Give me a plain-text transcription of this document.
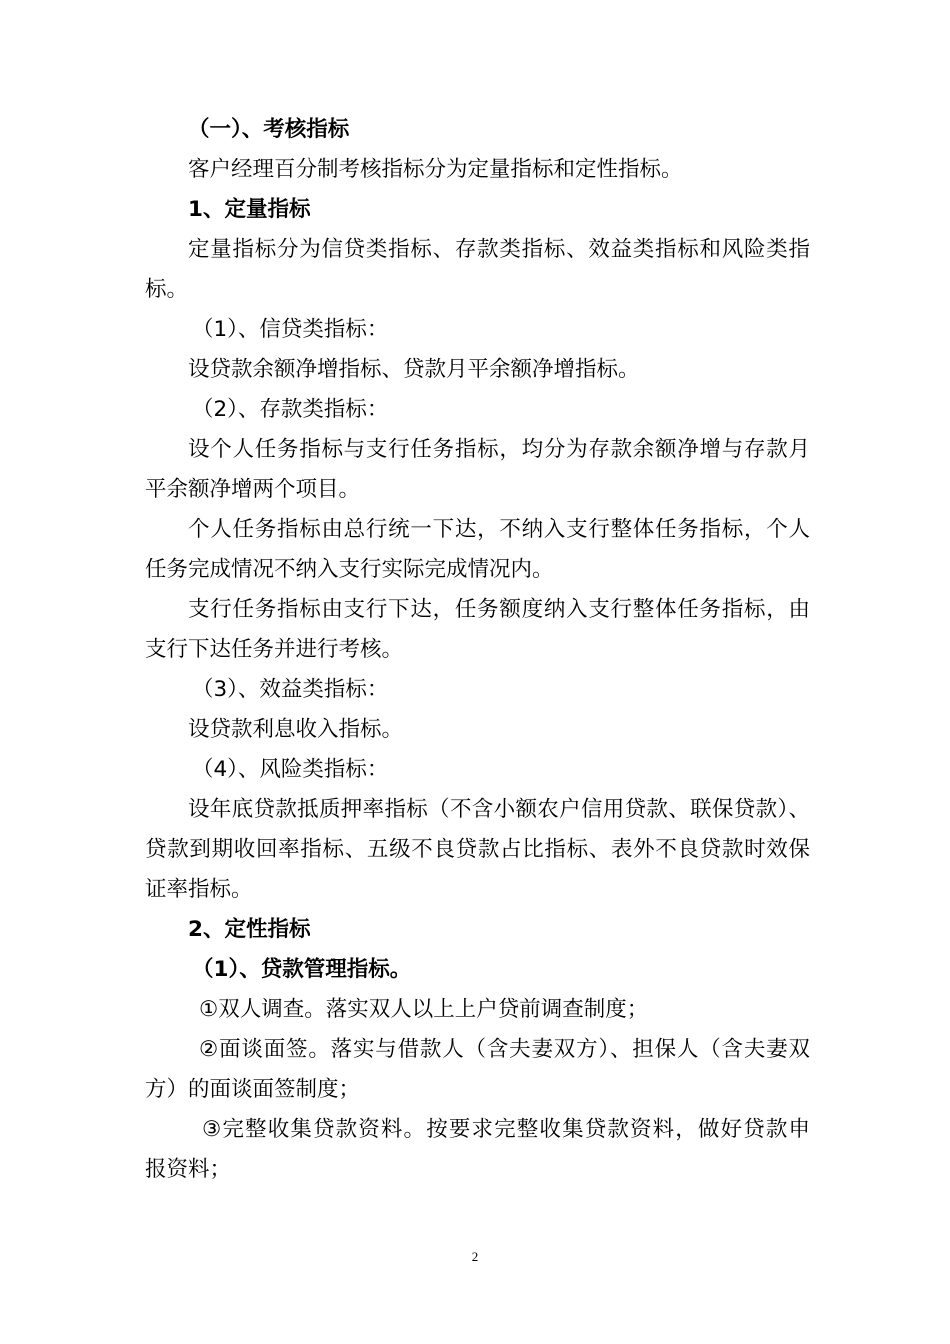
（一）、考核指标
客户经理百分制考核指标分为定量指标和定性指标。
1、定量指标
定量指标分为信贷类指标、存款类指标、效益类指标和风险类指
标。
（1）、信贷类指标：
设贷款余额净增指标、贷款月平余额净增指标。
（2）、存款类指标：
设个人任务指标与支行任务指标，均分为存款余额净增与存款月
平余额净增两个项目。
个人任务指标由总行统一下达，不纳入支行整体任务指标，个人
任务完成情况不纳入支行实际完成情况内。
支行任务指标由支行下达，任务额度纳入支行整体任务指标，由
支行下达任务并进行考核。
（3）、效益类指标：
设贷款利息收入指标。
（4）、风险类指标：
设年底贷款抵质押率指标（不含小额农户信用贷款、联保贷款）、
贷款到期收回率指标、五级不良贷款占比指标、表外不良贷款时效保
证率指标。
2、定性指标
（1）、贷款管理指标。
①双人调查。落实双人以上上户贷前调查制度；
②面谈面签。落实与借款人（含夫妻双方）、担保人（含夫妻双
方）的面谈面签制度；
③完整收集贷款资料。按要求完整收集贷款资料，做好贷款申
报资料；
2
